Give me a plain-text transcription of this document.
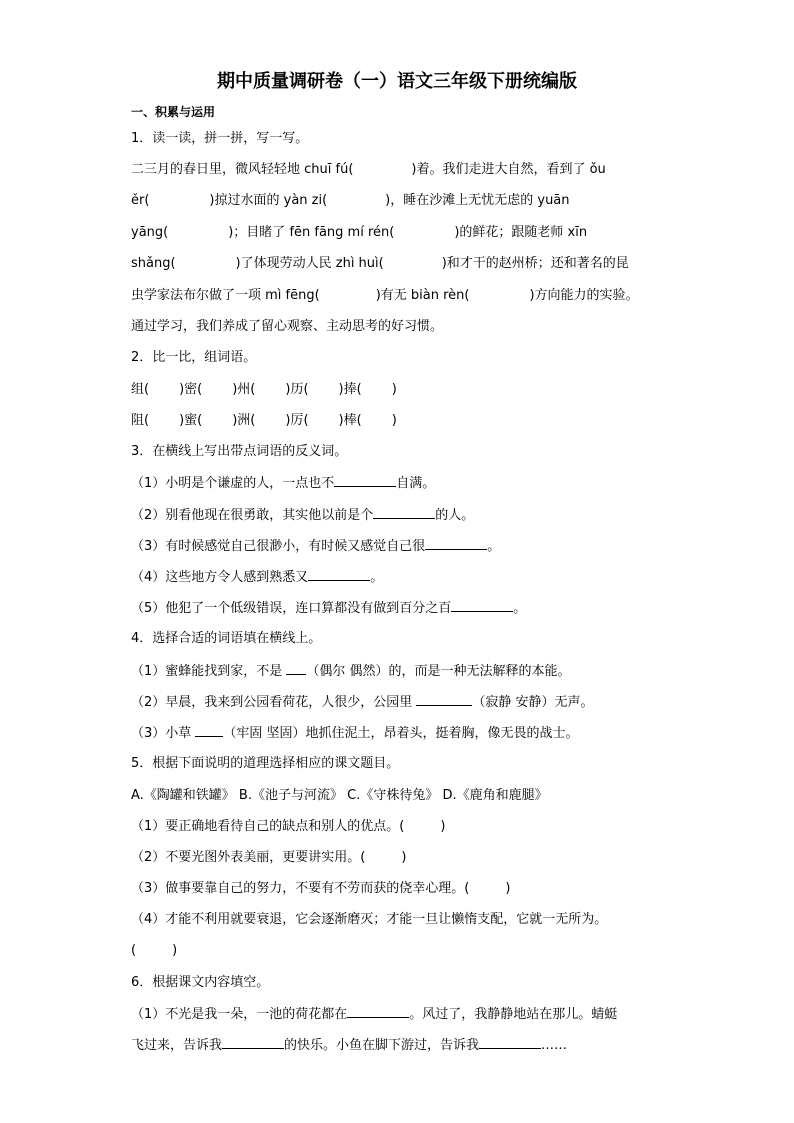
期中质量调研卷（一）语文三年级下册统编版
一、积累与运用
1．读一读，拼一拼，写一写。
二三月的春日里，微风轻轻地 chuī fú(	)着。我们走进大自然，看到了 ǒu
ěr(	)掠过水面的 yàn zi(	)，睡在沙滩上无忧无虑的 yuān
yāng(	)；目睹了 fēn fāng mí rén(	)的鲜花；跟随老师 xīn
shǎng(	)了体现劳动人民 zhì huì(	)和才干的赵州桥；还和著名的昆
虫学家法布尔做了一项 mì fēng(	)有无 biàn rèn(	)方向能力的实验。
通过学习，我们养成了留心观察、主动思考的好习惯。
2．比一比，组词语。
组( )密( )州( )历( )捧( )
阻( )蜜( )洲( )厉( )棒( )
3．在横线上写出带点词语的反义词。
（1）小明是个谦虚的人，一点也不	自满。
（2）别看他现在很勇敢，其实他以前是个	的人。
（3）有时候感觉自己很渺小，有时候又感觉自己很	。
（4）这些地方令人感到熟悉又	。
（5）他犯了一个低级错误，连口算都没有做到百分之百	。
4．选择合适的词语填在横线上。
（1）蜜蜂能找到家，不是 （偶尔 偶然）的，而是一种无法解释的本能。
（2）早晨，我来到公园看荷花，人很少，公园里	（寂静 安静）无声。
（3）小草 （牢固 坚固）地抓住泥土，昂着头，挺着胸，像无畏的战士。
5．根据下面说明的道理选择相应的课文题目。
A.《陶罐和铁罐》 B.《池子与河流》 C.《守株待兔》 D.《鹿角和鹿腿》
（1）要正确地看待自己的缺点和别人的优点。(	)
（2）不要光图外表美丽，更要讲实用。(	)
（3）做事要靠自己的努力，不要有不劳而获的侥幸心理。(	)
（4）才能不利用就要衰退，它会逐渐磨灭；才能一旦让懒惰支配，它就一无所为。
(	)
6．根据课文内容填空。
（1）不光是我一朵，一池的荷花都在	。风过了，我静静地站在那儿。蜻蜓
飞过来，告诉我	的快乐。小鱼在脚下游过，告诉我	……
